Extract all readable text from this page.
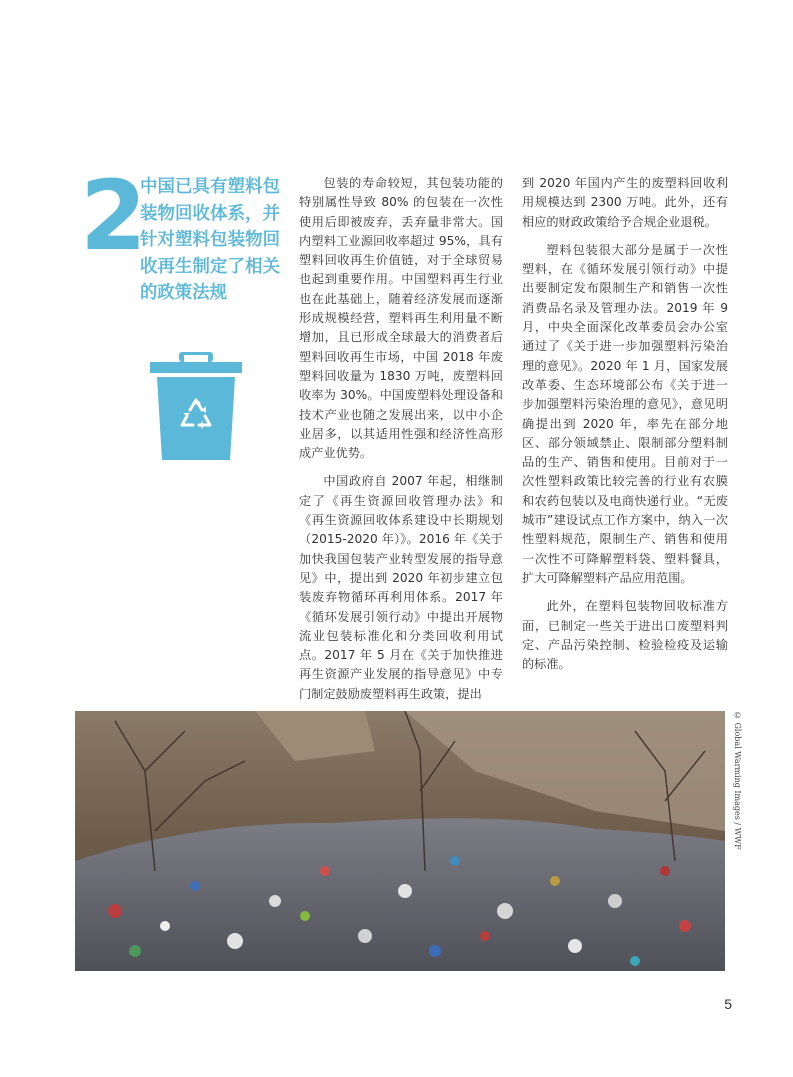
2
中国已具有塑料包装物回收体系，并针对塑料包装物回收再生制定了相关的政策法规

包装的寿命较短，其包装功能的特别属性导致 80% 的包装在一次性使用后即被废弃，丢弃量非常大。国内塑料工业源回收率超过 95%，具有塑料回收再生价值链，对于全球贸易也起到重要作用。中国塑料再生行业也在此基础上，随着经济发展而逐渐形成规模经营，塑料再生利用量不断增加，且已形成全球最大的消费者后塑料回收再生市场，中国 2018 年废塑料回收量为 1830 万吨，废塑料回收率为 30%。中国废塑料处理设备和技术产业也随之发展出来，以中小企业居多，以其适用性强和经济性高形成产业优势。

中国政府自 2007 年起，相继制定了《再生资源回收管理办法》和《再生资源回收体系建设中长期规划（2015-2020 年）》。2016 年《关于加快我国包装产业转型发展的指导意见》中，提出到 2020 年初步建立包装废弃物循环再利用体系。2017 年《循环发展引领行动》中提出开展物流业包装标准化和分类回收利用试点。2017 年 5 月在《关于加快推进再生资源产业发展的指导意见》中专门制定鼓励废塑料再生政策，提出

到 2020 年国内产生的废塑料回收利用规模达到 2300 万吨。此外，还有相应的财政政策给予合规企业退税。

塑料包装很大部分是属于一次性塑料，在《循环发展引领行动》中提出要制定发布限制生产和销售一次性消费品名录及管理办法。2019 年 9 月，中央全面深化改革委员会办公室通过了《关于进一步加强塑料污染治理的意见》。2020 年 1 月，国家发展改革委、生态环境部公布《关于进一步加强塑料污染治理的意见》，意见明确提出到 2020 年，率先在部分地区、部分领域禁止、限制部分塑料制品的生产、销售和使用。目前对于一次性塑料政策比较完善的行业有农膜和农药包装以及电商快递行业。“无废城市”建设试点工作方案中，纳入一次性塑料规范，限制生产、销售和使用一次性不可降解塑料袋、塑料餐具，扩大可降解塑料产品应用范围。

此外，在塑料包装物回收标准方面，已制定一些关于进出口废塑料判定、产品污染控制、检验检疫及运输的标准。

© Global Warming Images / WWF
5
